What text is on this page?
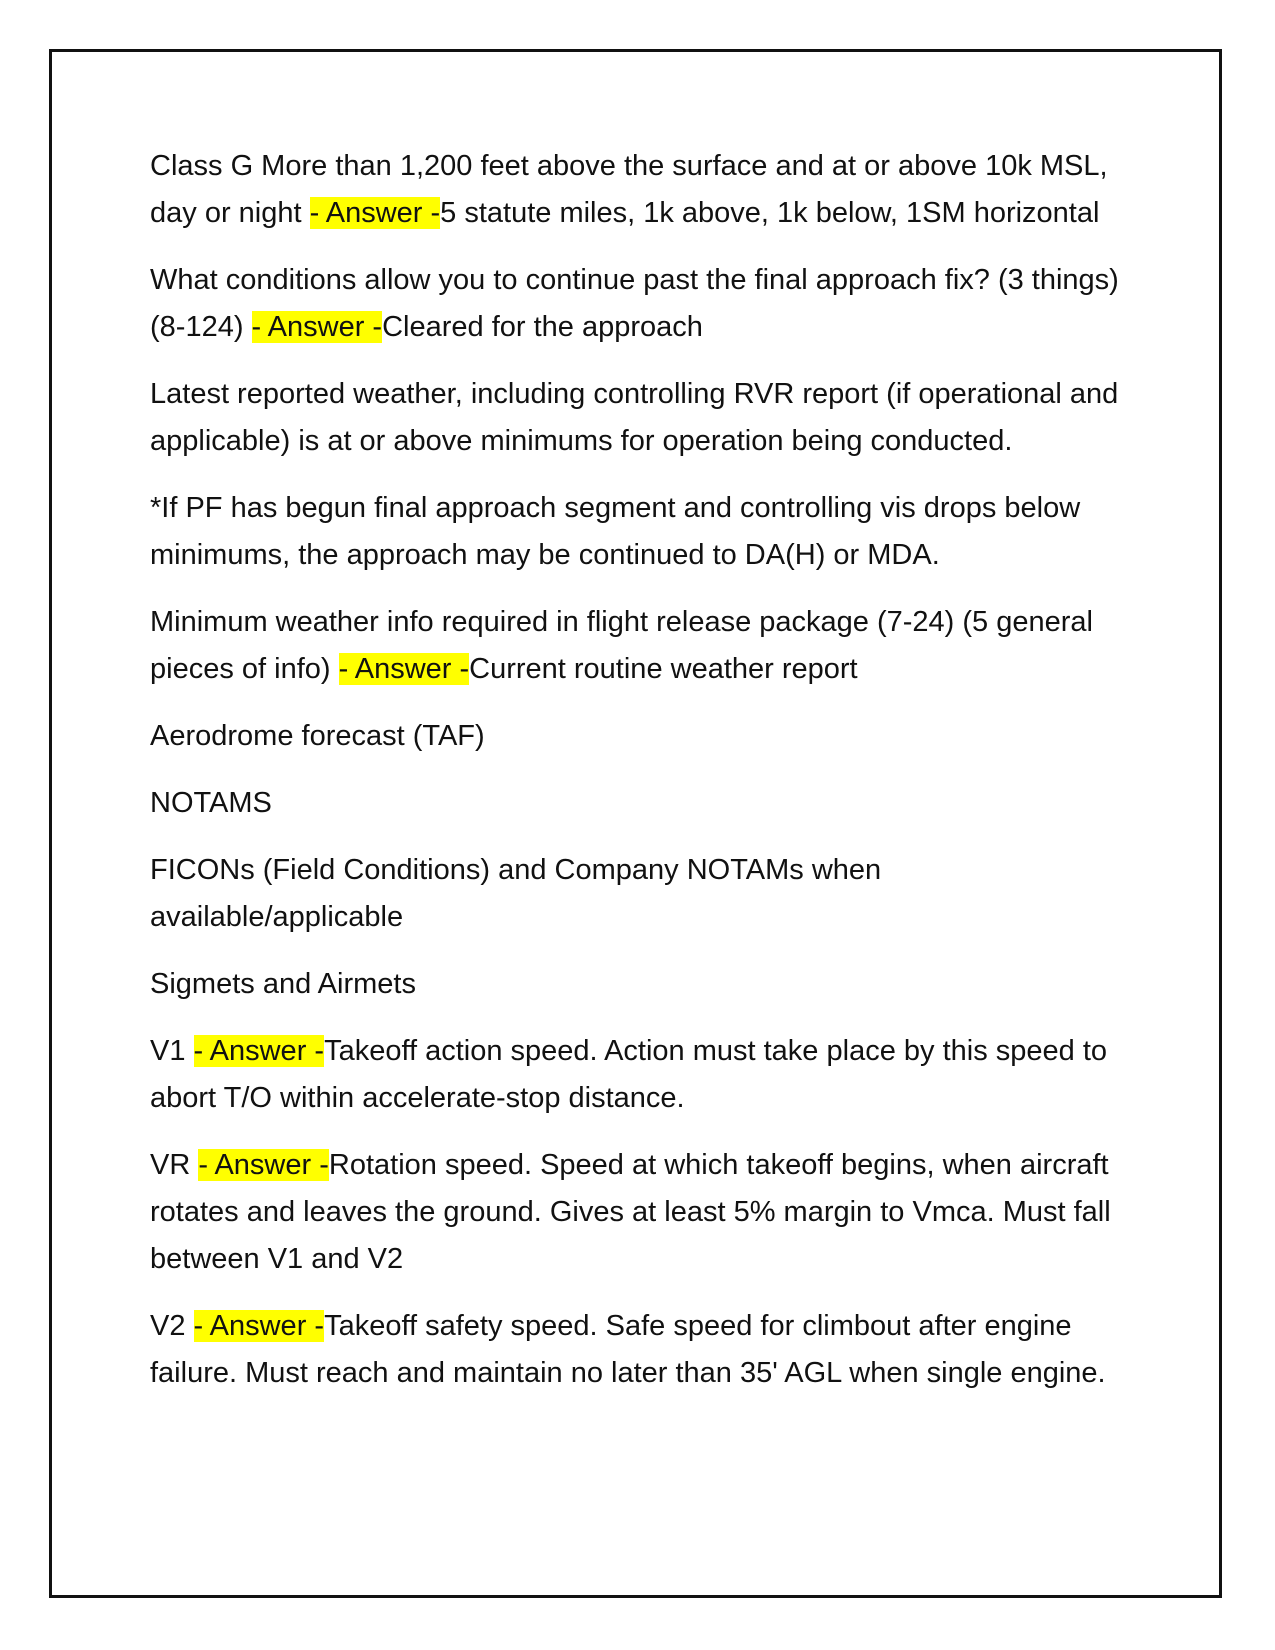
Class G More than 1,200 feet above the surface and at or above 10k MSL, day or night - Answer -5 statute miles, 1k above, 1k below, 1SM horizontal

What conditions allow you to continue past the final approach fix? (3 things) (8-124) - Answer -Cleared for the approach

Latest reported weather, including controlling RVR report (if operational and applicable) is at or above minimums for operation being conducted.

*If PF has begun final approach segment and controlling vis drops below minimums, the approach may be continued to DA(H) or MDA.

Minimum weather info required in flight release package (7-24) (5 general pieces of info) - Answer -Current routine weather report

Aerodrome forecast (TAF)

NOTAMS

FICONs (Field Conditions) and Company NOTAMs when available/applicable

Sigmets and Airmets

V1 - Answer -Takeoff action speed. Action must take place by this speed to abort T/O within accelerate-stop distance.

VR - Answer -Rotation speed. Speed at which takeoff begins, when aircraft rotates and leaves the ground. Gives at least 5% margin to Vmca. Must fall between V1 and V2

V2 - Answer -Takeoff safety speed. Safe speed for climbout after engine failure. Must reach and maintain no later than 35' AGL when single engine.
